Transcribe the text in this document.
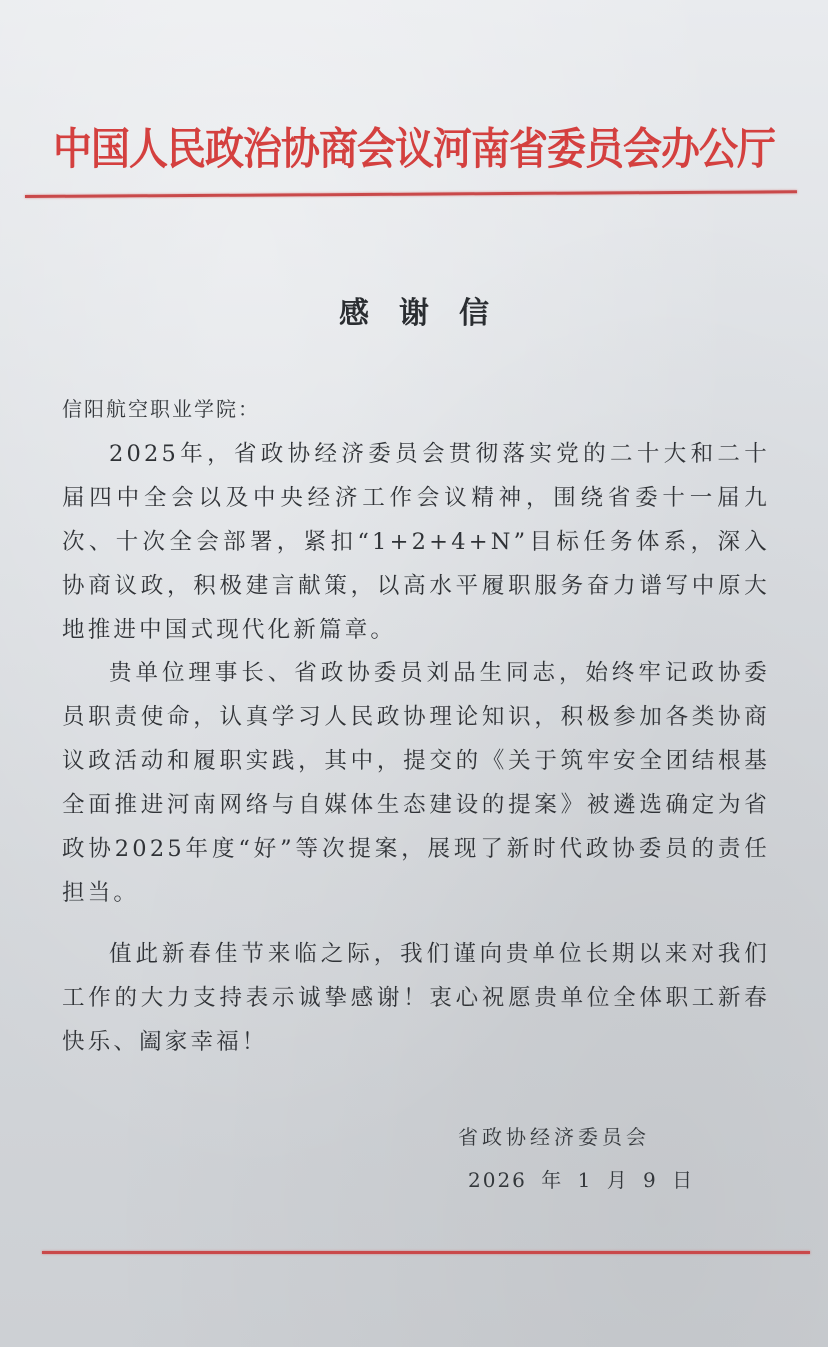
中国人民政治协商会议河南省委员会办公厅
感谢信
信阳航空职业学院：
2025年，省政协经济委员会贯彻落实党的二十大和二十届四中全会以及中央经济工作会议精神，围绕省委十一届九次、十次全会部署，紧扣“1+2+4+N”目标任务体系，深入协商议政，积极建言献策，以高水平履职服务奋力谱写中原大地推进中国式现代化新篇章。
贵单位理事长、省政协委员刘品生同志，始终牢记政协委员职责使命，认真学习人民政协理论知识，积极参加各类协商议政活动和履职实践，其中，提交的《关于筑牢安全团结根基 全面推进河南网络与自媒体生态建设的提案》被遴选确定为省政协2025年度“好”等次提案，展现了新时代政协委员的责任担当。
值此新春佳节来临之际，我们谨向贵单位长期以来对我们工作的大力支持表示诚挚感谢！衷心祝愿贵单位全体职工新春快乐、阖家幸福！
省政协经济委员会
2026 年 1 月 9 日
